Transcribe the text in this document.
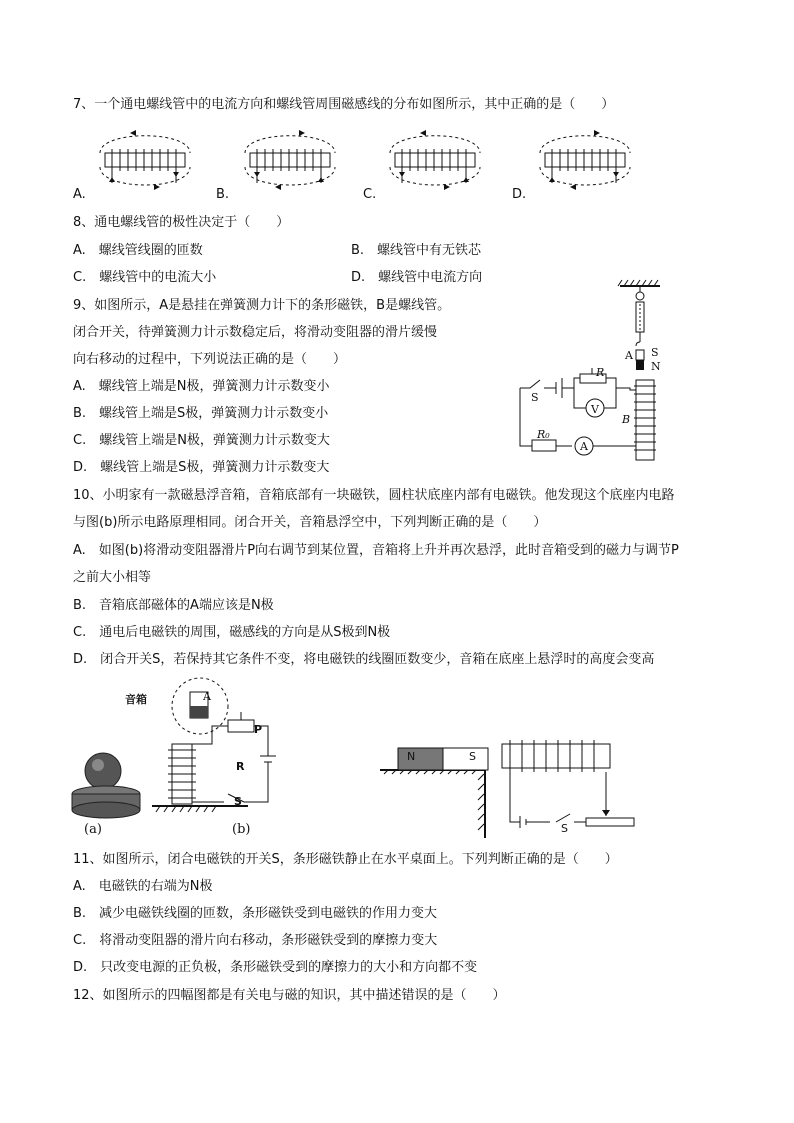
7、一个通电螺线管中的电流方向和螺线管周围磁感线的分布如图所示，其中正确的是（　　）
A.	B.	C.	D.
8、通电螺线管的极性决定于（　　）
A.　螺线管线圈的匝数	B.　螺线管中有无铁芯
C.　螺线管中的电流大小	D.　螺线管中电流方向
9、如图所示，A是悬挂在弹簧测力计下的条形磁铁，B是螺线管。
闭合开关，待弹簧测力计示数稳定后，将滑动变阻器的滑片缓慢
向右移动的过程中，下列说法正确的是（　　）
A.　螺线管上端是N极，弹簧测力计示数变小
B.　螺线管上端是S极，弹簧测力计示数变小
C.　螺线管上端是N极，弹簧测力计示数变大
D.　螺线管上端是S极，弹簧测力计示数变大
A S
N
R
V
B
R₀
A
S
10、小明家有一款磁悬浮音箱，音箱底部有一块磁铁，圆柱状底座内部有电磁铁。他发现这个底座内电路
与图(b)所示电路原理相同。闭合开关，音箱悬浮空中，下列判断正确的是（　　）
A.　如图(b)将滑动变阻器滑片P向右调节到某位置，音箱将上升并再次悬浮，此时音箱受到的磁力与调节P
之前大小相等
B.　音箱底部磁体的A端应该是N极
C.　通电后电磁铁的周围，磁感线的方向是从S极到N极
D.　闭合开关S，若保持其它条件不变，将电磁铁的线圈匝数变少，音箱在底座上悬浮时的高度会变高
音箱	A
P
R
S
(a)	(b)
N	S
S
11、如图所示，闭合电磁铁的开关S，条形磁铁静止在水平桌面上。下列判断正确的是（　　）
A.　电磁铁的右端为N极
B.　减少电磁铁线圈的匝数，条形磁铁受到电磁铁的作用力变大
C.　将滑动变阻器的滑片向右移动，条形磁铁受到的摩擦力变大
D.　只改变电源的正负极，条形磁铁受到的摩擦力的大小和方向都不变
12、如图所示的四幅图都是有关电与磁的知识，其中描述错误的是（　　）
